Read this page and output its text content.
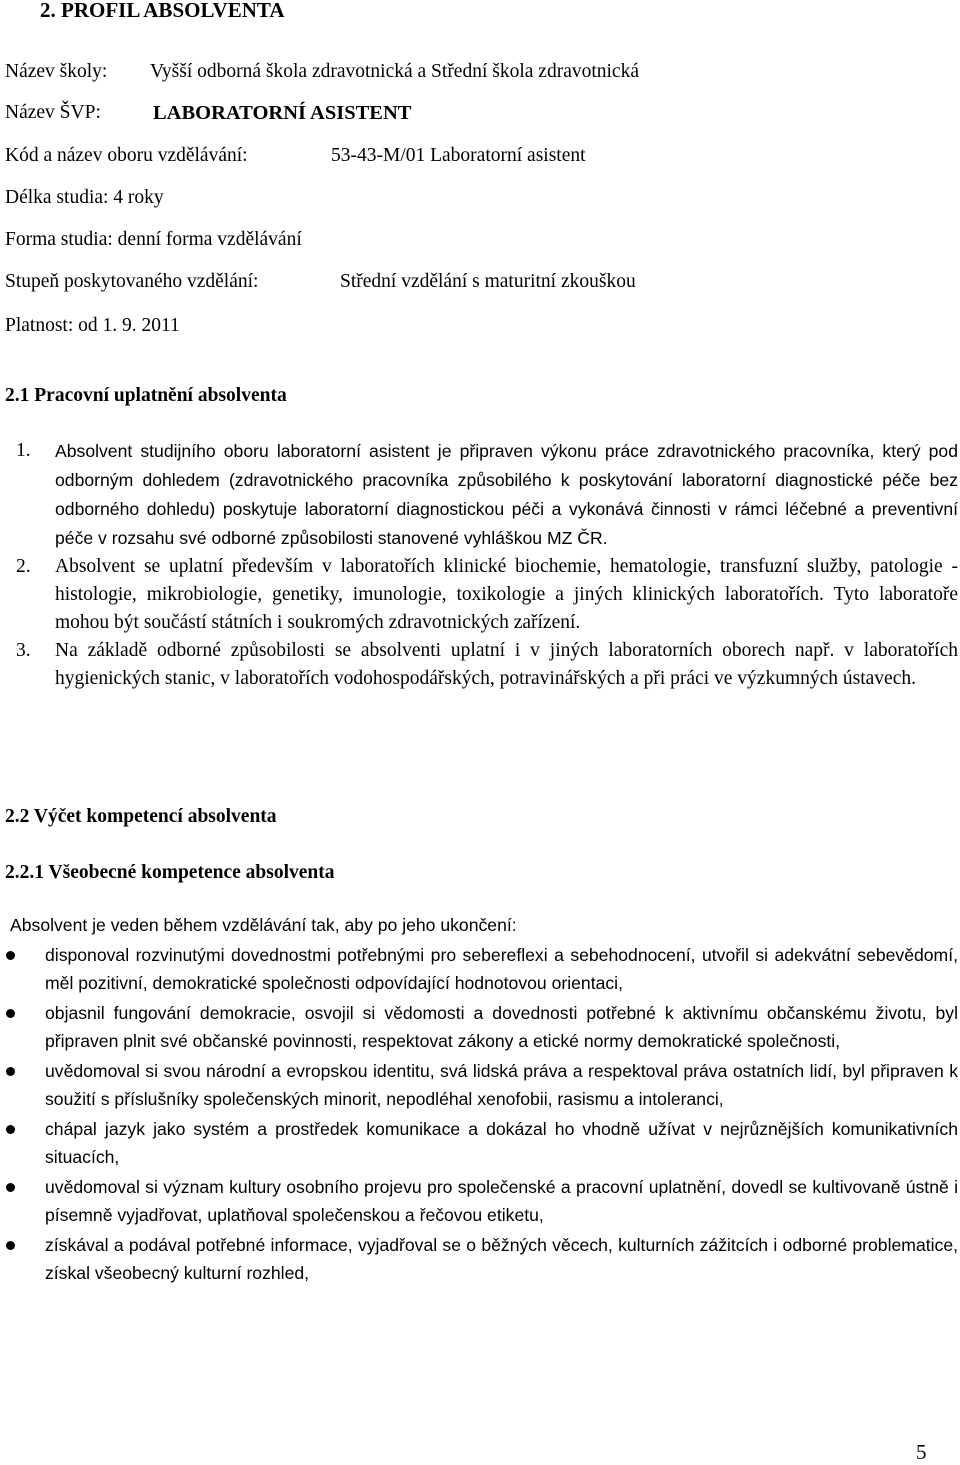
2. PROFIL ABSOLVENTA
Název školy: Vyšší odborná škola zdravotnická a Střední škola zdravotnická
Název ŠVP:	LABORATORNÍ ASISTENT
Kód a název oboru vzdělávání:	53-43-M/01 Laboratorní asistent
Délka studia: 4 roky
Forma studia: denní forma vzdělávání
Stupeň poskytovaného vzdělání:	Střední vzdělání s maturitní zkouškou
Platnost: od 1. 9. 2011
2.1 Pracovní uplatnění absolventa
1. Absolvent studijního oboru laboratorní asistent je připraven výkonu práce zdravotnického pracovníka, který pod odborným dohledem (zdravotnického pracovníka způsobilého k poskytování laboratorní diagnostické péče bez odborného dohledu) poskytuje laboratorní diagnostickou péči a vykonává činnosti v rámci léčebné a preventivní péče v rozsahu své odborné způsobilosti stanovené vyhláškou MZ ČR.
2. Absolvent se uplatní především v laboratořích klinické biochemie, hematologie, transfuzní služby, patologie - histologie, mikrobiologie, genetiky, imunologie, toxikologie a jiných klinických laboratořích. Tyto laboratoře mohou být součástí státních i soukromých zdravotnických zařízení.
3. Na základě odborné způsobilosti se absolventi uplatní i v jiných laboratorních oborech např. v laboratořích hygienických stanic, v laboratořích vodohospodářských, potravinářských a při práci ve výzkumných ústavech.
2.2 Výčet kompetencí absolventa
2.2.1 Všeobecné kompetence absolventa
Absolvent je veden během vzdělávání tak, aby po jeho ukončení:
disponoval rozvinutými dovednostmi potřebnými pro sebereflexi a sebehodnocení, utvořil si adekvátní sebevědomí, měl pozitivní, demokratické společnosti odpovídající hodnotovou orientaci,
objasnil fungování demokracie, osvojil si vědomosti a dovednosti potřebné k aktivnímu občanskému životu, byl připraven plnit své občanské povinnosti, respektovat zákony a etické normy demokratické společnosti,
uvědomoval si svou národní a evropskou identitu, svá lidská práva a respektoval práva ostatních lidí, byl připraven k soužití s příslušníky společenských minorit, nepodléhal xenofobii, rasismu a intoleranci,
chápal jazyk jako systém a prostředek komunikace a dokázal ho vhodně užívat v nejrůznějších komunikativních situacích,
uvědomoval si význam kultury osobního projevu pro společenské a pracovní uplatnění, dovedl se kultivovaně ústně i písemně vyjadřovat, uplatňoval společenskou a řečovou etiketu,
získával a podával potřebné informace, vyjadřoval se o běžných věcech, kulturních zážitcích i odborné problematice, získal všeobecný kulturní rozhled,
5
